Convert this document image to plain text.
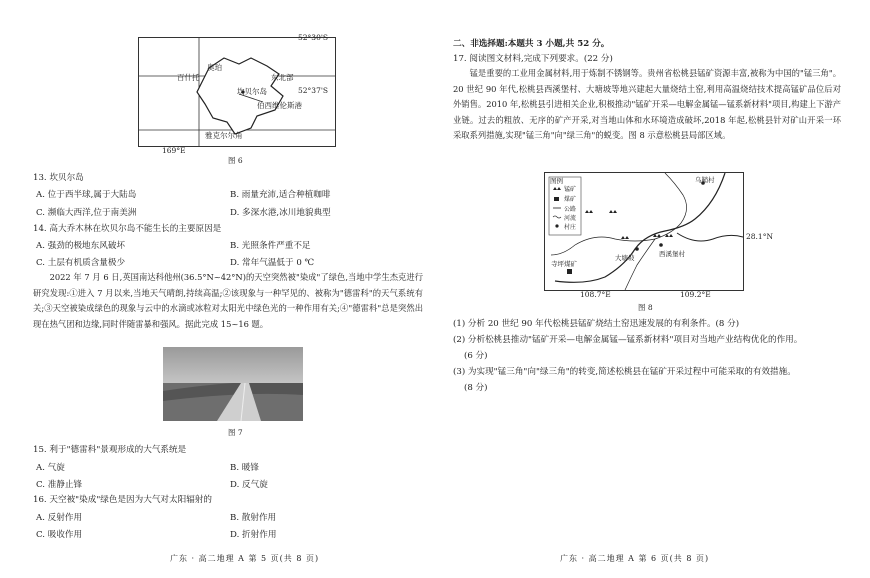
百什托
奥珀
东北部
坎贝尔岛
伯西维伦斯港
雅克尔尔角
52°30'S
52°37'S
169°E
图 6
13. 坎贝尔岛
A. 位于西半球,属于大陆岛	B. 雨量充沛,适合种植咖啡
C. 濒临大西洋,位于南美洲	D. 多深水港,冰川地貌典型
14. 高大乔木林在坎贝尔岛不能生长的主要原因是
A. 强劲的极地东风破坏	B. 光照条件严重不足
C. 土层有机质含量极少	D. 常年气温低于 0 ℃
2022 年 7 月 6 日,英国南达科他州(36.5°N~42°N)的天空突然被"染成"了绿色,当地中学生杰克进行研究发现:①进入 7 月以来,当地天气晴朗,持续高温;②该现象与一种罕见的、被称为"德雷科"的天气系统有关;③天空被染成绿色的现象与云中的水滴或冰粒对太阳光中绿色光的一种作用有关;④"德雷科"总是突然出现在热气团和边缘,同时伴随雷暴和强风。据此完成 15~16 题。
图 7
15. 利于"德雷科"景观形成的大气系统是
A. 气旋	B. 暖锋
C. 准静止锋	D. 反气旋
16. 天空被"染成"绿色是因为大气对太阳辐射的
A. 反射作用	B. 散射作用
C. 吸收作用	D. 折射作用
广东 · 高二地理 A 第 5 页(共 8 页)
二、非选择题:本题共 3 小题,共 52 分。
17. 阅读图文材料,完成下列要求。(22 分)
锰是重要的工业用金属材料,用于炼制不锈钢等。贵州省松桃县锰矿资源丰富,被称为中国的"锰三角"。20 世纪 90 年代,松桃县西溪堡村、大塘坡等地兴建起大量烧结土窑,利用高温烧结技术提高锰矿品位后对外销售。2010 年,松桃县引进相关企业,积极推动"锰矿开采—电解金属锰—锰系新材料"项目,构建上下游产业链。过去的粗放、无序的矿产开采,对当地山体和水环境造成破坏,2018 年起,松桃县针对矿山开采一环采取系列措施,实现"锰三角"向"绿三角"的蜕变。图 8 示意松桃县局部区域。
图例
锰矿
煤矿
公路
河流
村庄
乌鞘村
寺坪煤矿
大塘坡	西溪堡村
28.1°N
108.7°E	109.2°E
图 8
(1) 分析 20 世纪 90 年代松桃县锰矿烧结土窑迅速发展的有利条件。(8 分)
(2) 分析松桃县推动"锰矿开采—电解金属锰—锰系新材料"项目对当地产业结构优化的作用。
(6 分)
(3) 为实现"锰三角"向"绿三角"的转变,简述松桃县在锰矿开采过程中可能采取的有效措施。
(8 分)
广东 · 高二地理 A 第 6 页(共 8 页)
